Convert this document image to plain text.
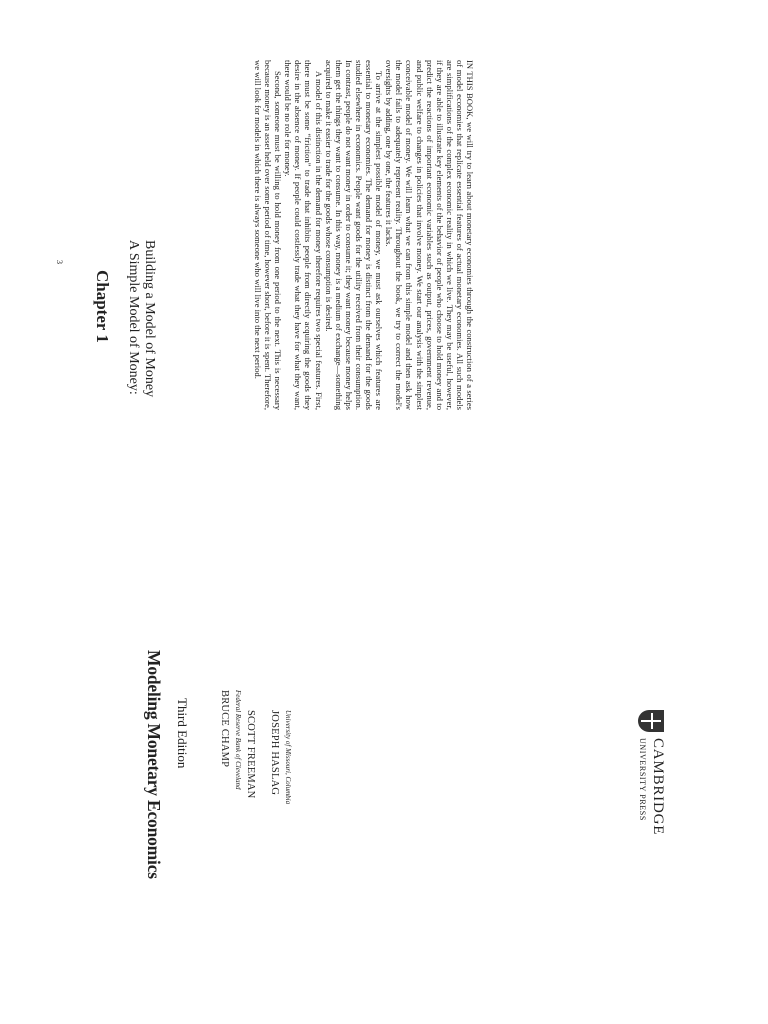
Chapter 1 A Simple Model of Money: Building a Model of Money	IN THIS BOOK, we will try to learn about monetary economies through the construction of a series of model economies that replicate essential features of actual monetary economies. All such models are simplifications of the complex economic reality in which we live. They may be useful, however, if they are able to illustrate key elements of the behavior of people who choose to hold money and to predict the reactions of important economic variables such as output, prices, government revenue, and public welfare to changes in policies that involve money. We start our analysis with the simplest conceivable model of money. We will learn what we can from this simple model and then ask how the model fails to adequately represent reality. Throughout the book, we try to correct the model's oversights by adding, one by one, the features it lacks.

To arrive at the simplest possible model of money, we must ask ourselves which features are essential to monetary economies. The demand for money is distinct from the demand for the goods studied elsewhere in economics. People want goods for the utility received from their consumption. In contrast, people do not want money in order to consume it; they want money because money helps them get the things they want to consume. In this way, money is a medium of exchange—something acquired to make it easier to trade for the goods whose consumption is desired.

A model of this distinction in the demand for money therefore requires two special features. First, there must be some “friction” to trade that inhibits people from directly acquiring the goods they desire in the absence of money. If people could costlessly trade what they have for what they want, there would be no role for money.

Second, someone must be willing to hold money from one period to the next. This is necessary because money is an asset held over some period of time, however short, before it is spent. Therefore, we will look for models in which there is always someone who will live into the next period.

3
Modeling Monetary Economics Third Edition	BRUCE CHAMP Federal Reserve Bank of Cleveland SCOTT FREEMAN JOSEPH HASLAG University of Missouri, Columbia	CAMBRIDGE
UNIVERSITY PRESS
